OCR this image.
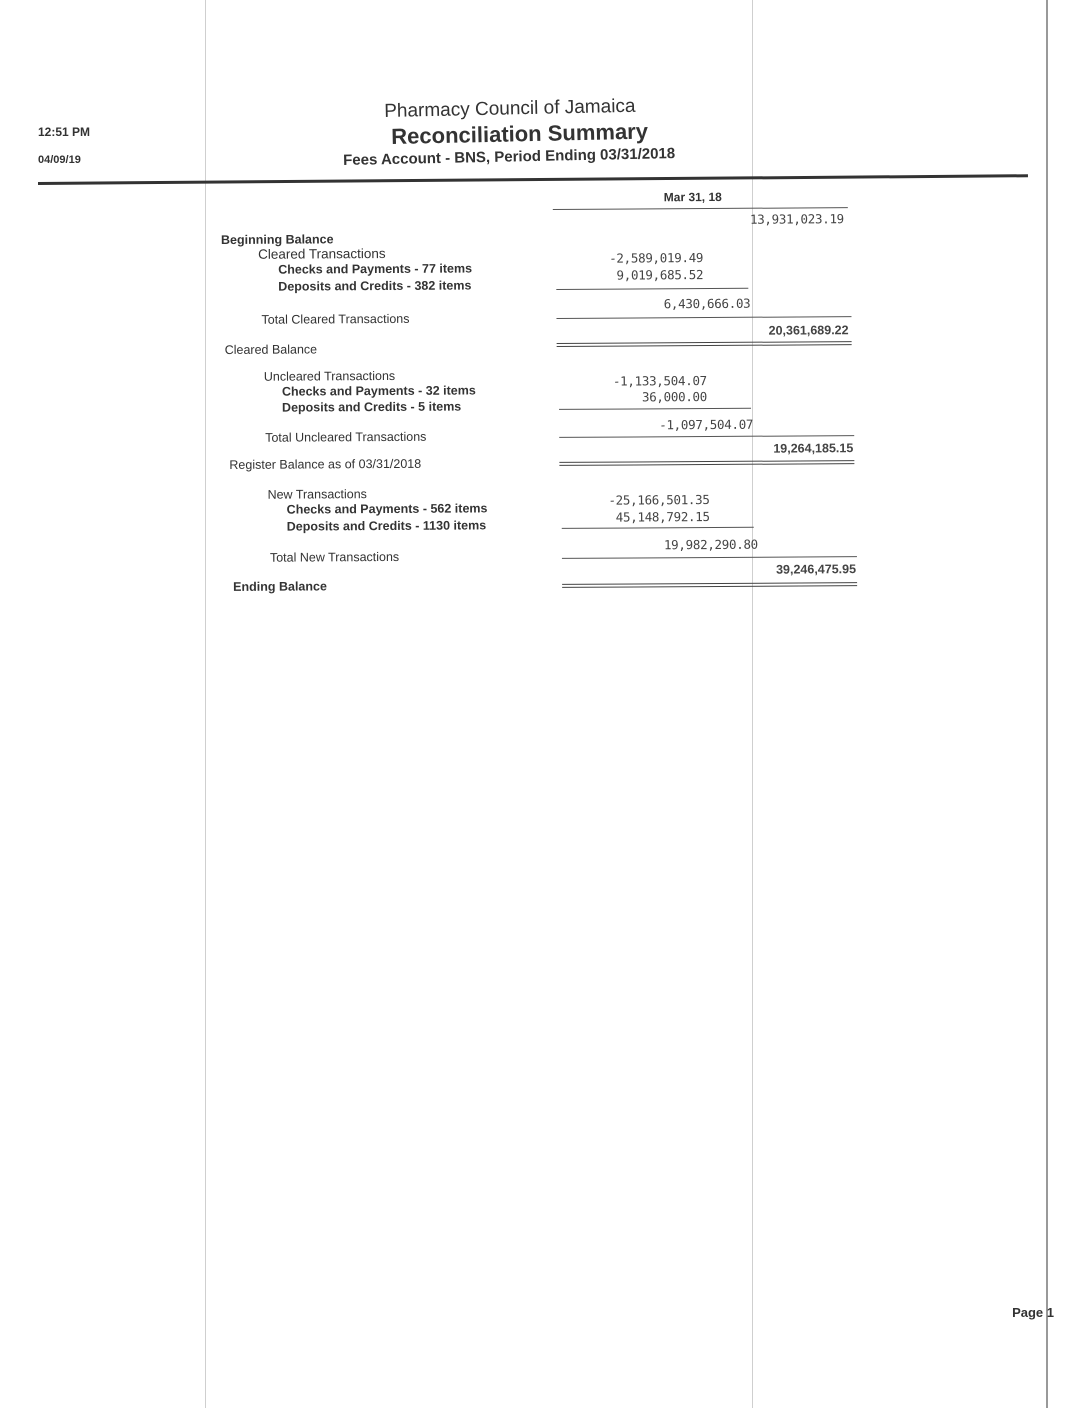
12:51 PM
04/09/19
Pharmacy Council of Jamaica
Reconciliation Summary
Fees Account - BNS, Period Ending 03/31/2018
Mar 31, 18
Beginning Balance
13,931,023.19
Cleared Transactions
Checks and Payments - 77 items
-2,589,019.49
Deposits and Credits - 382 items
9,019,685.52
Total Cleared Transactions
6,430,666.03
Cleared Balance
20,361,689.22
Uncleared Transactions
Checks and Payments - 32 items
-1,133,504.07
Deposits and Credits - 5 items
36,000.00
Total Uncleared Transactions
-1,097,504.07
Register Balance as of 03/31/2018
19,264,185.15
New Transactions
Checks and Payments - 562 items
-25,166,501.35
Deposits and Credits - 1130 items
45,148,792.15
Total New Transactions
19,982,290.80
Ending Balance
39,246,475.95
Page 1
